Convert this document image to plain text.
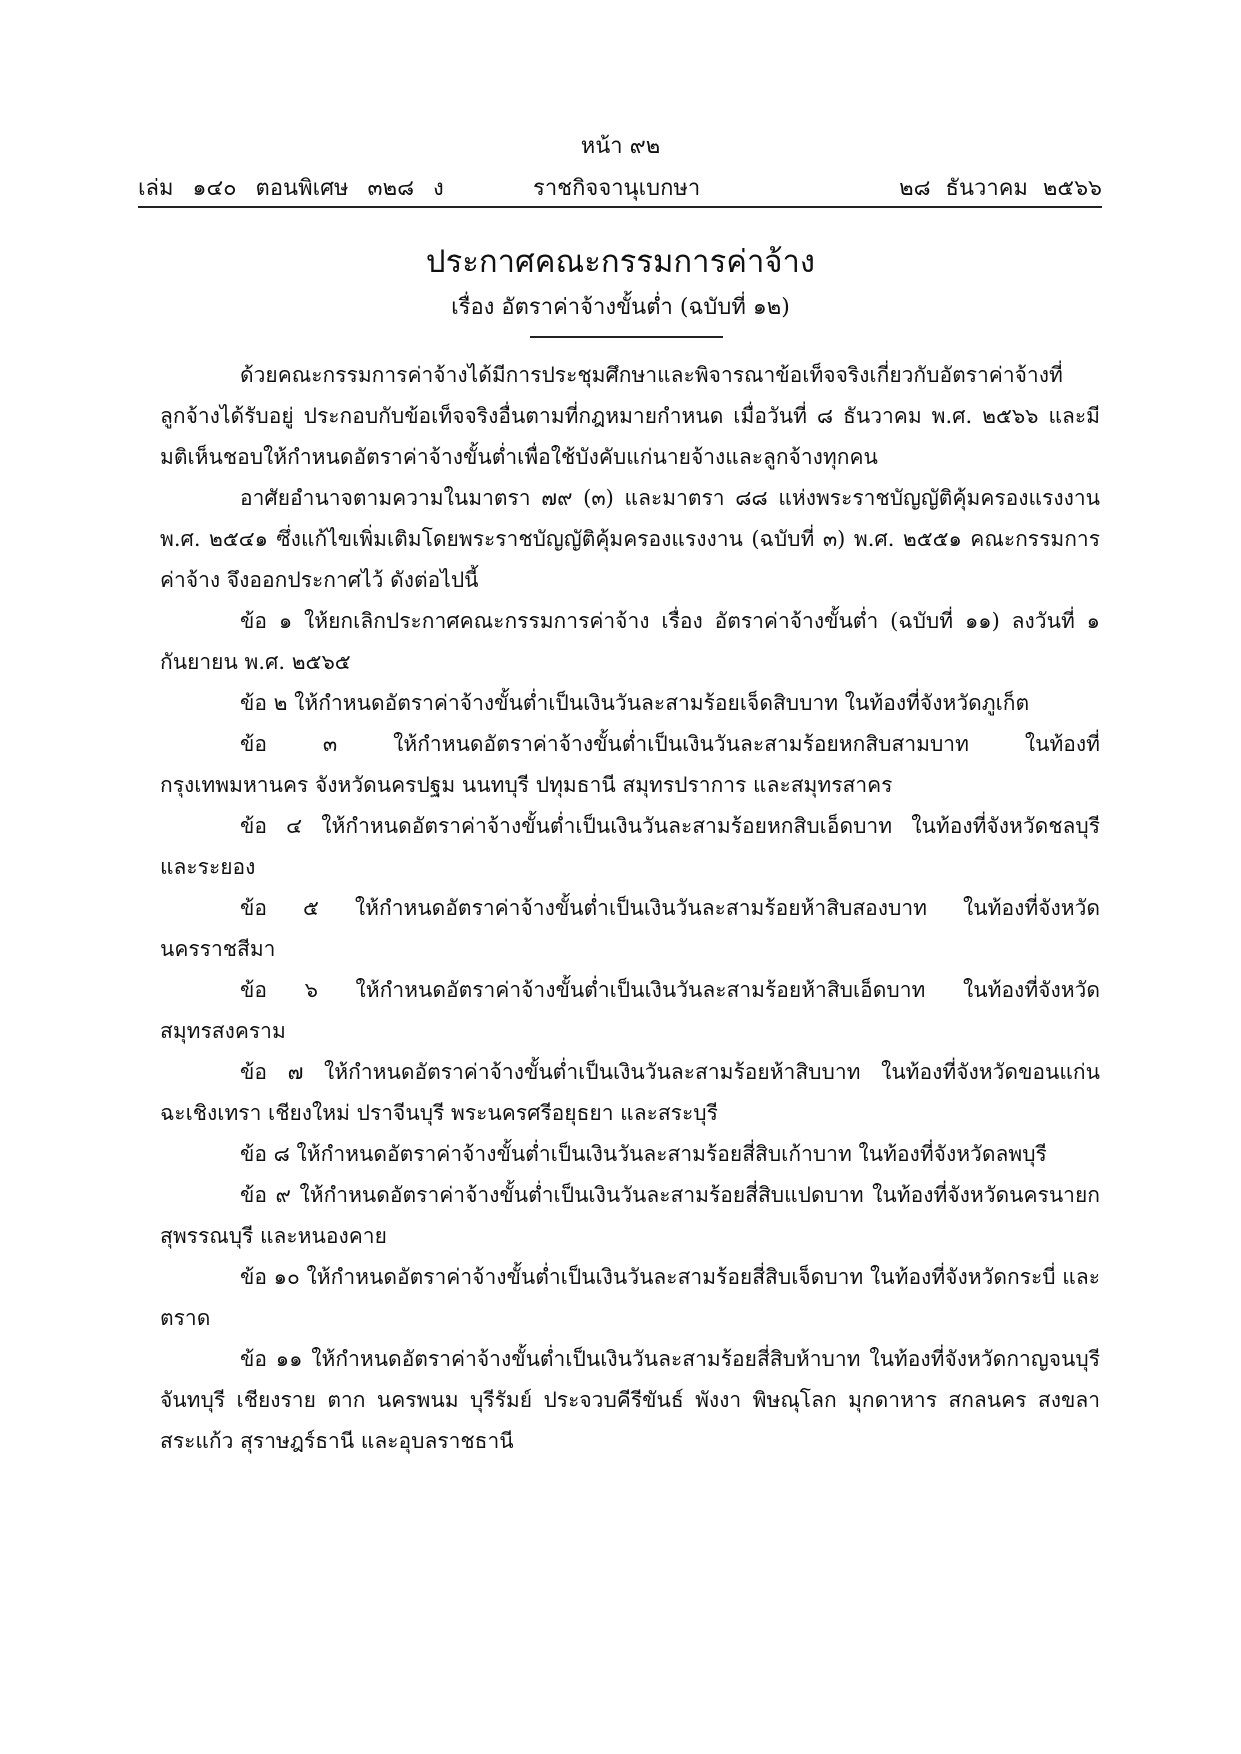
หน้า ๙๒
เล่ม ๑๔๐ ตอนพิเศษ ๓๒๘ ง	ราชกิจจานุเบกษา	๒๘ ธันวาคม ๒๕๖๖
ประกาศคณะกรรมการค่าจ้าง
เรื่อง อัตราค่าจ้างขั้นต่ำ (ฉบับที่ ๑๒)

ด้วยคณะกรรมการค่าจ้างได้มีการประชุมศึกษาและพิจารณาข้อเท็จจริงเกี่ยวกับอัตราค่าจ้างที่ลูกจ้างได้รับอยู่ ประกอบกับข้อเท็จจริงอื่นตามที่กฎหมายกำหนด เมื่อวันที่ ๘ ธันวาคม พ.ศ. ๒๕๖๖ และมีมติเห็นชอบให้กำหนดอัตราค่าจ้างขั้นต่ำเพื่อใช้บังคับแก่นายจ้างและลูกจ้างทุกคน

อาศัยอำนาจตามความในมาตรา ๗๙ (๓) และมาตรา ๘๘ แห่งพระราชบัญญัติคุ้มครองแรงงาน พ.ศ. ๒๕๔๑ ซึ่งแก้ไขเพิ่มเติมโดยพระราชบัญญัติคุ้มครองแรงงาน (ฉบับที่ ๓) พ.ศ. ๒๕๕๑ คณะกรรมการค่าจ้าง จึงออกประกาศไว้ ดังต่อไปนี้

ข้อ ๑ ให้ยกเลิกประกาศคณะกรรมการค่าจ้าง เรื่อง อัตราค่าจ้างขั้นต่ำ (ฉบับที่ ๑๑) ลงวันที่ ๑ กันยายน พ.ศ. ๒๕๖๕

ข้อ ๒ ให้กำหนดอัตราค่าจ้างขั้นต่ำเป็นเงินวันละสามร้อยเจ็ดสิบบาท ในท้องที่จังหวัดภูเก็ต

ข้อ ๓ ให้กำหนดอัตราค่าจ้างขั้นต่ำเป็นเงินวันละสามร้อยหกสิบสามบาท ในท้องที่กรุงเทพมหานคร จังหวัดนครปฐม นนทบุรี ปทุมธานี สมุทรปราการ และสมุทรสาคร

ข้อ ๔ ให้กำหนดอัตราค่าจ้างขั้นต่ำเป็นเงินวันละสามร้อยหกสิบเอ็ดบาท ในท้องที่จังหวัดชลบุรี และระยอง

ข้อ ๕ ให้กำหนดอัตราค่าจ้างขั้นต่ำเป็นเงินวันละสามร้อยห้าสิบสองบาท ในท้องที่จังหวัดนครราชสีมา

ข้อ ๖ ให้กำหนดอัตราค่าจ้างขั้นต่ำเป็นเงินวันละสามร้อยห้าสิบเอ็ดบาท ในท้องที่จังหวัดสมุทรสงคราม

ข้อ ๗ ให้กำหนดอัตราค่าจ้างขั้นต่ำเป็นเงินวันละสามร้อยห้าสิบบาท ในท้องที่จังหวัดขอนแก่น ฉะเชิงเทรา เชียงใหม่ ปราจีนบุรี พระนครศรีอยุธยา และสระบุรี

ข้อ ๘ ให้กำหนดอัตราค่าจ้างขั้นต่ำเป็นเงินวันละสามร้อยสี่สิบเก้าบาท ในท้องที่จังหวัดลพบุรี

ข้อ ๙ ให้กำหนดอัตราค่าจ้างขั้นต่ำเป็นเงินวันละสามร้อยสี่สิบแปดบาท ในท้องที่จังหวัดนครนายก สุพรรณบุรี และหนองคาย

ข้อ ๑๐ ให้กำหนดอัตราค่าจ้างขั้นต่ำเป็นเงินวันละสามร้อยสี่สิบเจ็ดบาท ในท้องที่จังหวัดกระบี่ และตราด

ข้อ ๑๑ ให้กำหนดอัตราค่าจ้างขั้นต่ำเป็นเงินวันละสามร้อยสี่สิบห้าบาท ในท้องที่จังหวัดกาญจนบุรี จันทบุรี เชียงราย ตาก นครพนม บุรีรัมย์ ประจวบคีรีขันธ์ พังงา พิษณุโลก มุกดาหาร สกลนคร สงขลา สระแก้ว สุราษฎร์ธานี และอุบลราชธานี
